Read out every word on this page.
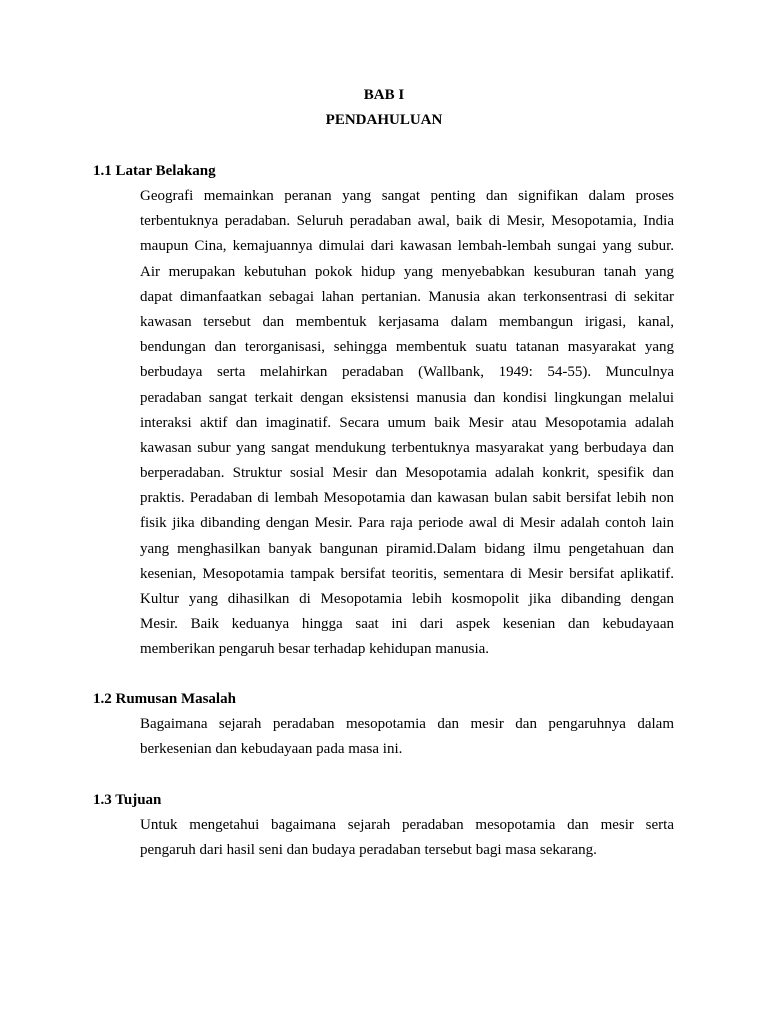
BAB I
PENDAHULUAN
1.1 Latar Belakang
Geografi memainkan peranan yang sangat penting dan signifikan dalam proses
terbentuknya peradaban. Seluruh peradaban awal, baik di Mesir, Mesopotamia, India
maupun Cina, kemajuannya dimulai dari kawasan lembah-lembah sungai yang subur.
Air merupakan kebutuhan pokok hidup yang menyebabkan kesuburan tanah yang
dapat dimanfaatkan sebagai lahan pertanian. Manusia akan terkonsentrasi di sekitar
kawasan tersebut dan membentuk kerjasama dalam membangun irigasi, kanal,
bendungan dan terorganisasi, sehingga membentuk suatu tatanan masyarakat yang
berbudaya serta melahirkan peradaban (Wallbank, 1949: 54-55). Munculnya
peradaban sangat terkait dengan eksistensi manusia dan kondisi lingkungan melalui
interaksi aktif dan imaginatif. Secara umum baik Mesir atau Mesopotamia adalah
kawasan subur yang sangat mendukung terbentuknya masyarakat yang berbudaya dan
berperadaban. Struktur sosial Mesir dan Mesopotamia adalah konkrit, spesifik dan
praktis. Peradaban di lembah Mesopotamia dan kawasan bulan sabit bersifat lebih non
fisik jika dibanding dengan Mesir. Para raja periode awal di Mesir adalah contoh lain
yang menghasilkan banyak bangunan piramid.Dalam bidang ilmu pengetahuan dan
kesenian, Mesopotamia tampak bersifat teoritis, sementara di Mesir bersifat aplikatif.
Kultur yang dihasilkan di Mesopotamia lebih kosmopolit jika dibanding dengan
Mesir. Baik keduanya hingga saat ini dari aspek kesenian dan kebudayaan
memberikan pengaruh besar terhadap kehidupan manusia.
1.2 Rumusan Masalah
Bagaimana sejarah peradaban mesopotamia dan mesir dan pengaruhnya dalam
berkesenian dan kebudayaan pada masa ini.
1.3 Tujuan
Untuk mengetahui bagaimana sejarah peradaban mesopotamia dan mesir serta
pengaruh dari hasil seni dan budaya peradaban tersebut bagi masa sekarang.
